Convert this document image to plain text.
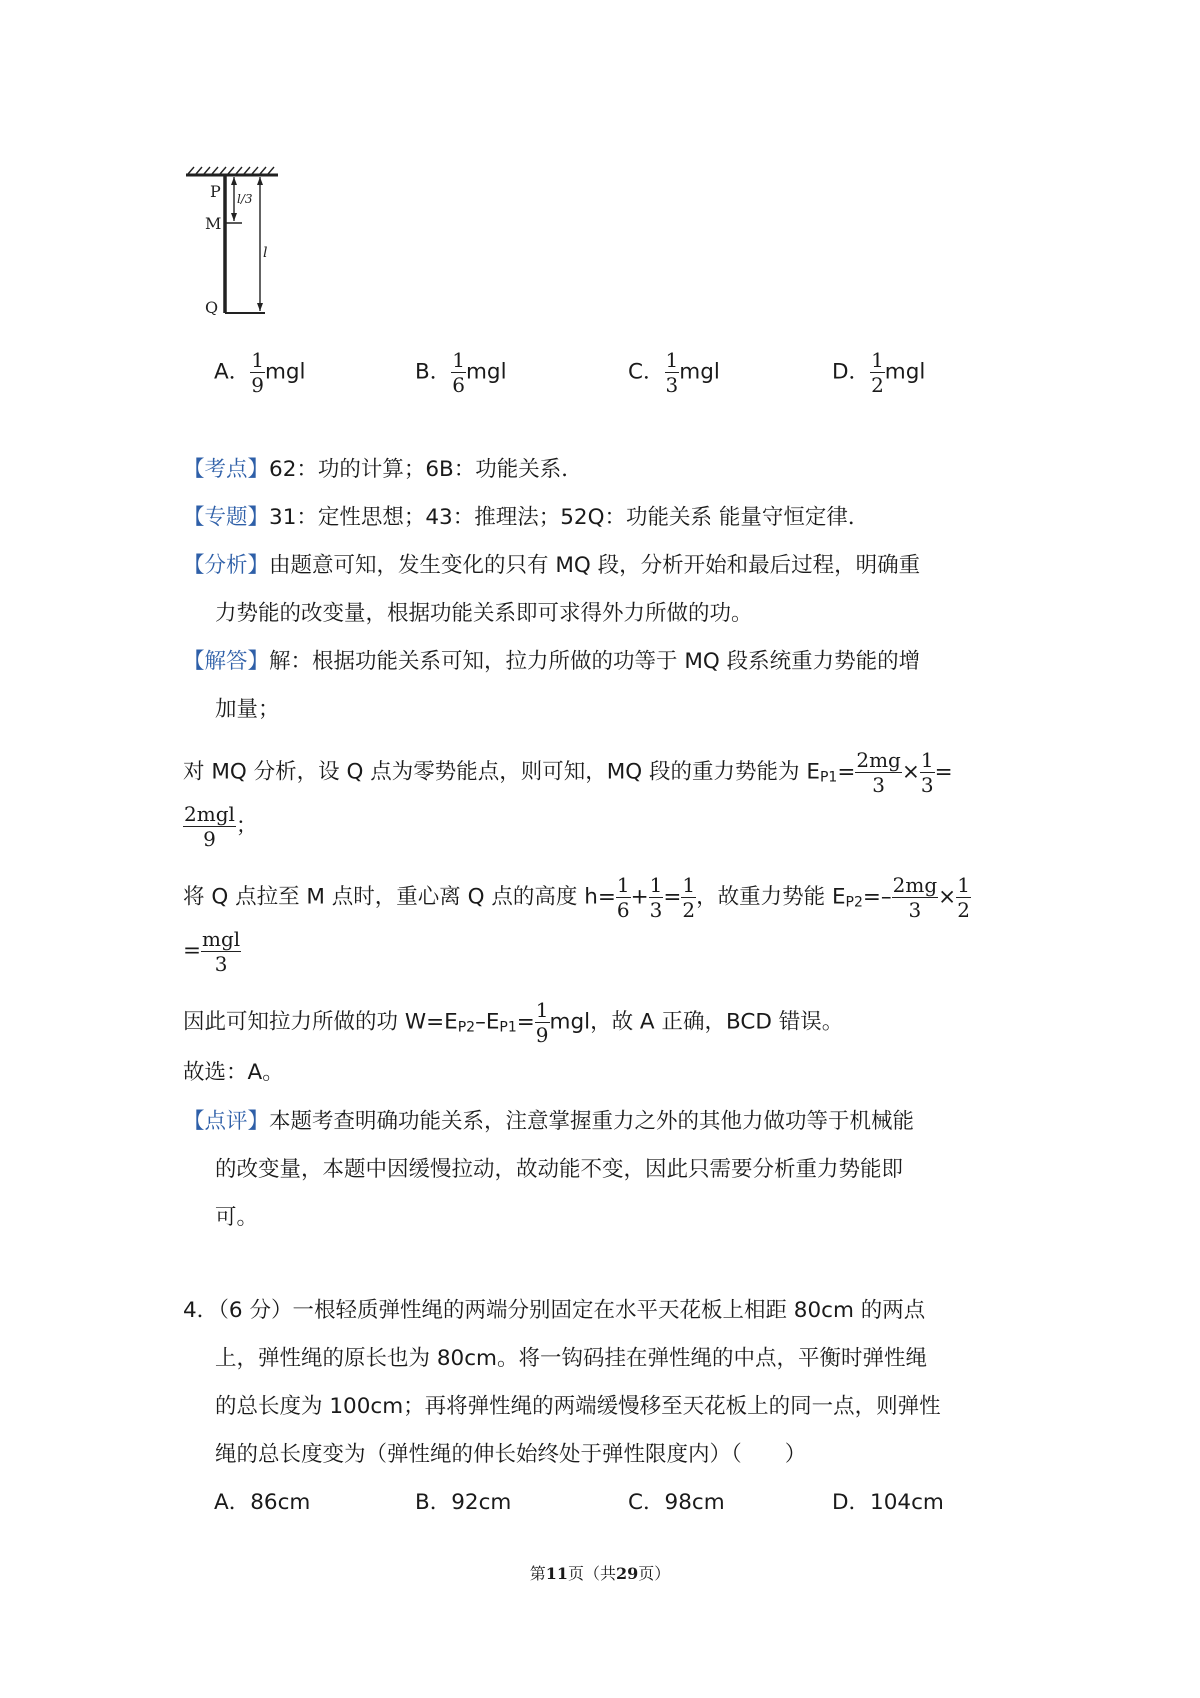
P
M
Q
l/3
l
A． $\frac{1}{9}$ mgl	B． $\frac{1}{6}$ mgl	C． $\frac{1}{3}$ mgl	D． $\frac{1}{2}$ mgl
【考点】62：功的计算；6B：功能关系．
【专题】31：定性思想；43：推理法；52Q：功能关系 能量守恒定律．
【分析】由题意可知，发生变化的只有 MQ 段，分析开始和最后过程，明确重
力势能的改变量，根据功能关系即可求得外力所做的功。
【解答】解：根据功能关系可知，拉力所做的功等于 MQ 段系统重力势能的增
加量；
对 MQ 分析，设 Q 点为零势能点，则可知，MQ 段的重力势能为 $E_{P1}= \frac{2mg}{3} \times \frac{1}{3}$ =
$\frac{\text{2mgl}}{9}$ ；
将 Q 点拉至 M 点时，重心离 Q 点的高度 $h= \frac{1}{6} + \frac{1}{3} = \frac{1}{2}$ ，故重力势能 $E_{P2}=- \frac{2mg}{3} \times \frac{1}{2}$
= $\frac{\text{mgl}}{3}$
因此可知拉力所做的功 $W=E_{P2}-E_{P1}= \frac{1}{9}$ mgl，故 A 正确，BCD 错误。
故选：A。
【点评】本题考查明确功能关系，注意掌握重力之外的其他力做功等于机械能
的改变量，本题中因缓慢拉动，故动能不变，因此只需要分析重力势能即
可。
4．（6 分）一根轻质弹性绳的两端分别固定在水平天花板上相距 80cm 的两点
上，弹性绳的原长也为 80cm。将一钩码挂在弹性绳的中点，平衡时弹性绳
的总长度为 100cm；再将弹性绳的两端缓慢移至天花板上的同一点，则弹性
绳的总长度变为（弹性绳的伸长始终处于弹性限度内）（　　）
A．86cm	B．92cm	C．98cm	D．104cm
第11页（共29页）
